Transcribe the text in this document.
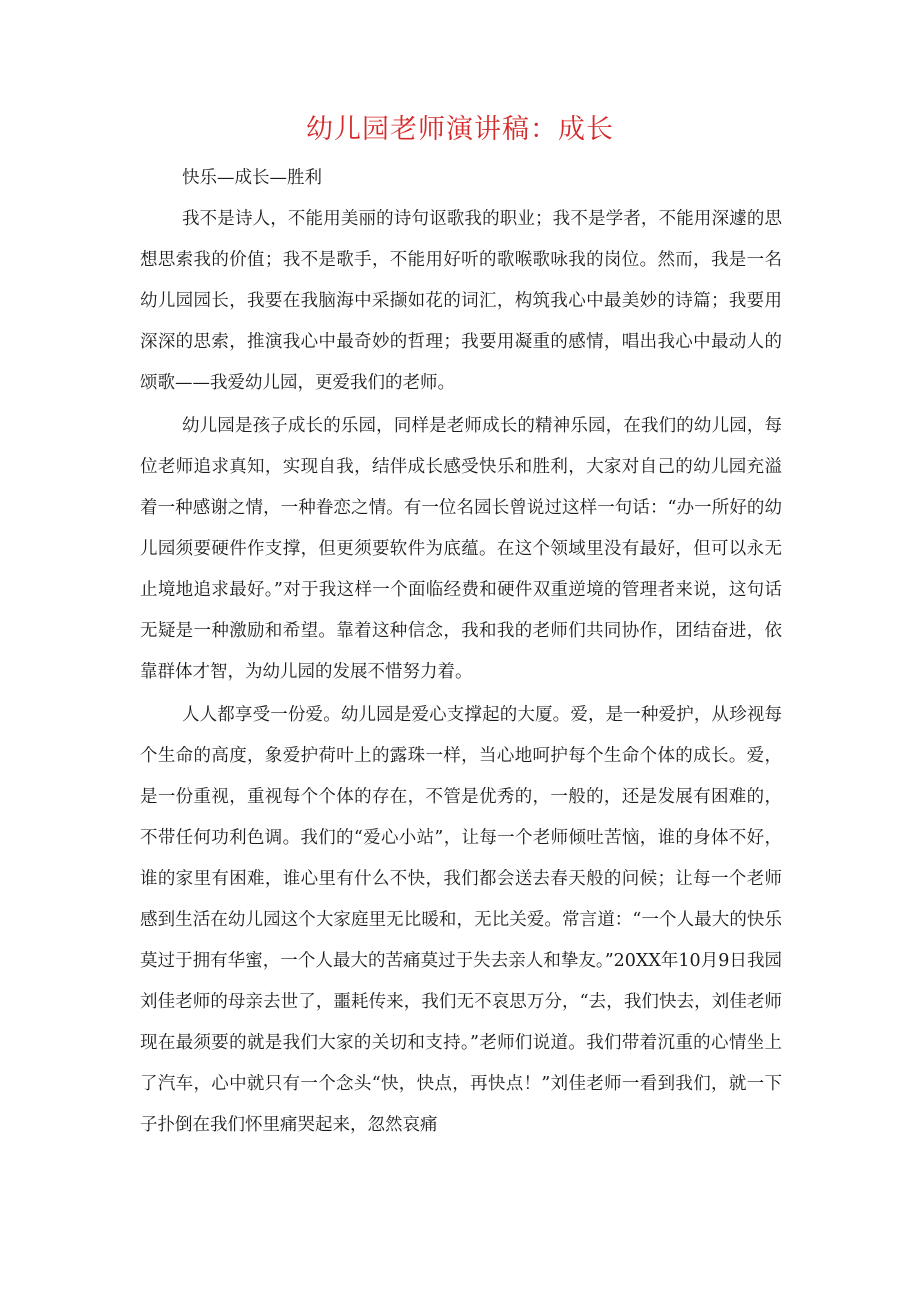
幼儿园老师演讲稿：成长

快乐—成长—胜利

我不是诗人，不能用美丽的诗句讴歌我的职业；我不是学者，不能用深遽的思想思索我的价值；我不是歌手，不能用好听的歌喉歌咏我的岗位。然而，我是一名幼儿园园长，我要在我脑海中采撷如花的词汇，构筑我心中最美妙的诗篇；我要用深深的思索，推演我心中最奇妙的哲理；我要用凝重的感情，唱出我心中最动人的颂歌——我爱幼儿园，更爱我们的老师。

幼儿园是孩子成长的乐园，同样是老师成长的精神乐园，在我们的幼儿园，每位老师追求真知，实现自我，结伴成长感受快乐和胜利，大家对自己的幼儿园充溢着一种感谢之情，一种眷恋之情。有一位名园长曾说过这样一句话：“办一所好的幼儿园须要硬件作支撑，但更须要软件为底蕴。在这个领域里没有最好，但可以永无止境地追求最好。”对于我这样一个面临经费和硬件双重逆境的管理者来说，这句话无疑是一种激励和希望。靠着这种信念，我和我的老师们共同协作，团结奋进，依靠群体才智，为幼儿园的发展不惜努力着。

人人都享受一份爱。幼儿园是爱心支撑起的大厦。爱，是一种爱护，从珍视每个生命的高度，象爱护荷叶上的露珠一样，当心地呵护每个生命个体的成长。爱，是一份重视，重视每个个体的存在，不管是优秀的，一般的，还是发展有困难的，不带任何功利色调。我们的“爱心小站”，让每一个老师倾吐苦恼，谁的身体不好，谁的家里有困难，谁心里有什么不快，我们都会送去春天般的问候；让每一个老师感到生活在幼儿园这个大家庭里无比暖和，无比关爱。常言道：“一个人最大的快乐莫过于拥有华蜜，一个人最大的苦痛莫过于失去亲人和挚友。”20XX年10月9日我园刘佳老师的母亲去世了，噩耗传来，我们无不哀思万分，“去，我们快去，刘佳老师现在最须要的就是我们大家的关切和支持。”老师们说道。我们带着沉重的心情坐上了汽车，心中就只有一个念头“快，快点，再快点！”刘佳老师一看到我们，就一下子扑倒在我们怀里痛哭起来，忽然哀痛
